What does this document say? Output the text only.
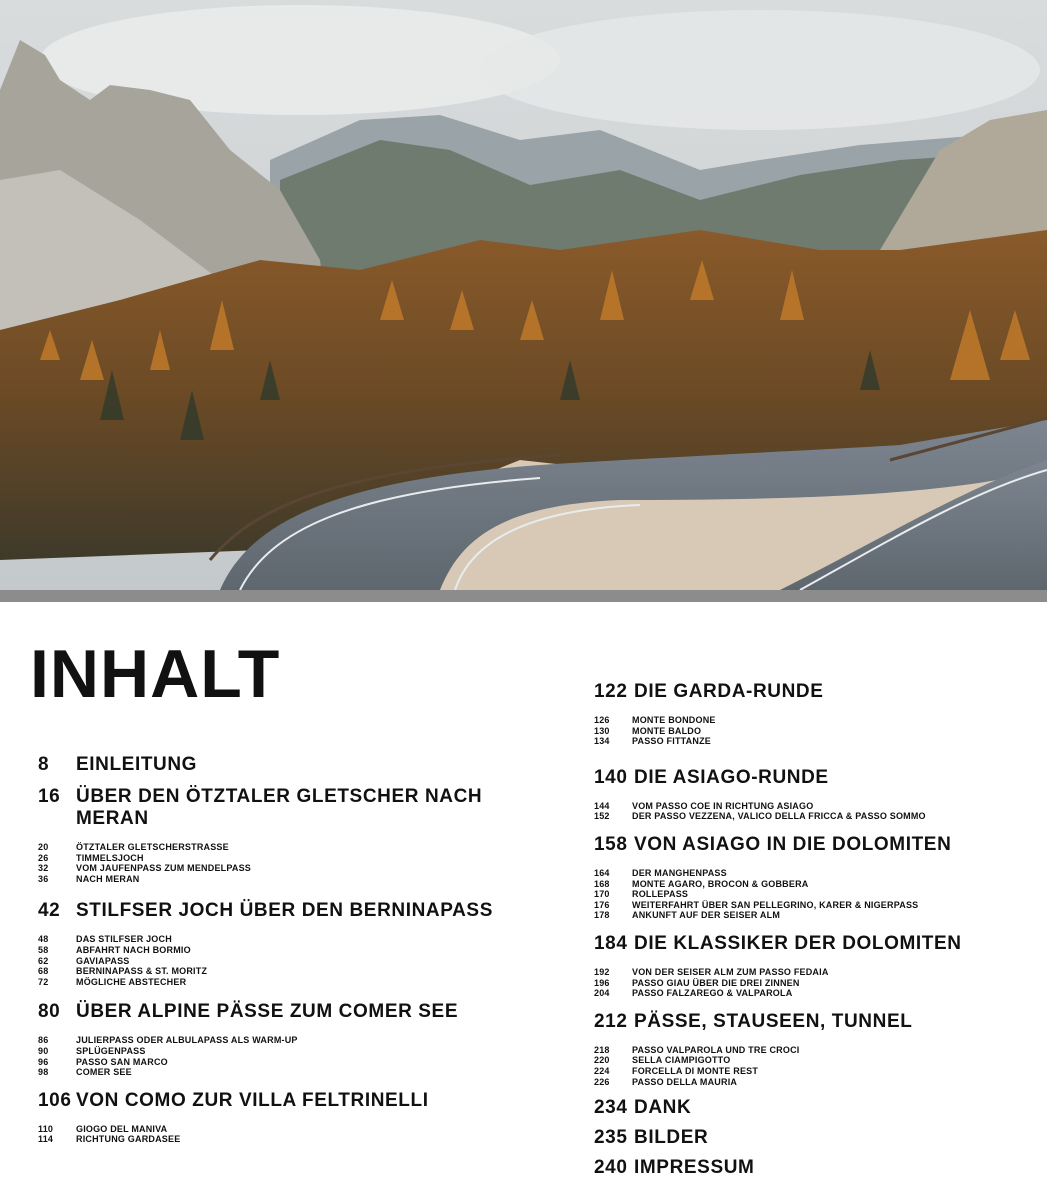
INHALT
8	EINLEITUNG
16 ÜBER DEN ÖTZTALER GLETSCHER NACH MERAN
20	ÖTZTALER GLETSCHERSTRASSE
26	TIMMELSJOCH
32	VOM JAUFENPASS ZUM MENDELPASS
36	NACH MERAN
42 STILFSER JOCH ÜBER DEN BERNINAPASS
48	DAS STILFSER JOCH
58	ABFAHRT NACH BORMIO
62	GAVIAPASS
68	BERNINAPASS & ST. MORITZ
72	MÖGLICHE ABSTECHER
80 ÜBER ALPINE PÄSSE ZUM COMER SEE
86	JULIERPASS ODER ALBULAPASS ALS WARM-UP
90	SPLÜGENPASS
96	PASSO SAN MARCO
98	COMER SEE
106 VON COMO ZUR VILLA FELTRINELLI
110	GIOGO DEL MANIVA
114	RICHTUNG GARDASEE
122 DIE GARDA-RUNDE
126	MONTE BONDONE
130	MONTE BALDO
134	PASSO FITTANZE
140 DIE ASIAGO-RUNDE
144	VOM PASSO COE IN RICHTUNG ASIAGO
152	DER PASSO VEZZENA, VALICO DELLA FRICCA & PASSO SOMMO
158 VON ASIAGO IN DIE DOLOMITEN
164	DER MANGHENPASS
168	MONTE AGARO, BROCON & GOBBERA
170	ROLLEPASS
176	WEITERFAHRT ÜBER SAN PELLEGRINO, KARER & NIGERPASS
178	ANKUNFT AUF DER SEISER ALM
184 DIE KLASSIKER DER DOLOMITEN
192	VON DER SEISER ALM ZUM PASSO FEDAIA
196	PASSO GIAU ÜBER DIE DREI ZINNEN
204	PASSO FALZAREGO & VALPAROLA
212 PÄSSE, STAUSEEN, TUNNEL
218	PASSO VALPAROLA UND TRE CROCI
220	SELLA CIAMPIGOTTO
224	FORCELLA DI MONTE REST
226	PASSO DELLA MAURIA
234 DANK
235 BILDER
240 IMPRESSUM
